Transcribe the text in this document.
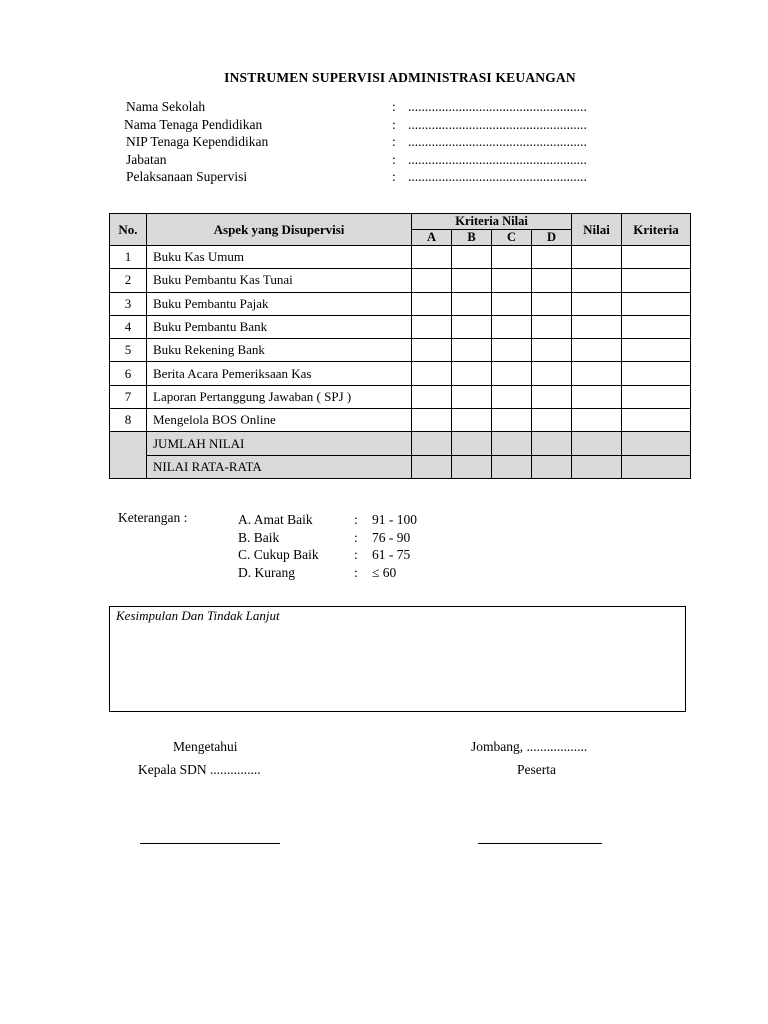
INSTRUMEN SUPERVISI ADMINISTRASI KEUANGAN
Nama Sekolah	: .....................................................
Nama Tenaga Pendidikan	: .....................................................
NIP Tenaga Kependidikan	: .....................................................
Jabatan	: .....................................................
Pelaksanaan Supervisi	: .....................................................
No.	Aspek yang Disupervisi	Kriteria Nilai				Nilai	Kriteria
		A	B	C	D		
1	Buku Kas Umum						
2	Buku Pembantu Kas Tunai						
3	Buku Pembantu Pajak						
4	Buku Pembantu Bank						
5	Buku Rekening Bank						
6	Berita Acara Pemeriksaan Kas						
7	Laporan Pertanggung Jawaban ( SPJ )						
8	Mengelola BOS Online						
	JUMLAH NILAI						
	NILAI RATA-RATA						
Keterangan :	A. Amat Baik	: 91 - 100
B. Baik	: 76 - 90
C. Cukup Baik	: 61 - 75
D. Kurang	: ≤ 60
Kesimpulan Dan Tindak Lanjut
Mengetahui
Kepala SDN ...............
Jombang, ..................
Peserta
